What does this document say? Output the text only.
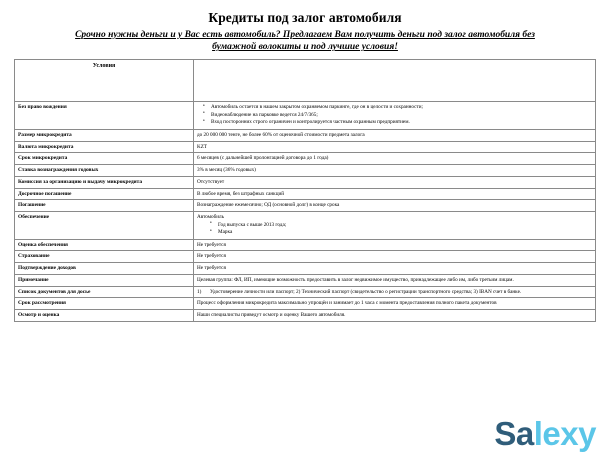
Кредиты под залог автомобиля
Срочно нужны деньги и у Вас есть автомобиль? Предлагаем Вам получить деньги под залог автомобиля без
бумажной волокиты и под лучшие условия!
Условия	
Без право вождения	
•Автомобиль остается в нашем закрытом охраняемом паркинге, где он в целости и сохранности;
• Видеонаблюдение на парковке ведется 24/7/365;
• Вход посторонних строго ограничен и контролируется частным охранным предприятием.

Размер микрокредита	до 20 000 000 тенге, не более 60% от оценочной стоимости предмета залога
Валюта микрокредита	KZT
Срок микрокредита	6 месяцев (с дальнейшей пролонгацией договора до 1 года)
Ставка вознаграждения годовых	3% в месяц (36% годовых)
Комиссия за организацию и выдачу микрокредита	Отсутствует
Досрочное погашение	В любое время, без штрафных санкций
Погашение	Вознаграждение ежемесячно; ОД (основной долг) в конце срока
Обеспечение	Автомобиль
• Год выпуска с выше 2013 года;
• Марка

Оценка обеспечения	Не требуется
Страхование	Не требуется
Подтверждение доходов	Не требуется
Примечание	Целевая группа: ФЛ, ИП, имеющие возможность предоставить в залог недвижимое имущество, принадлежащее либо им, либо третьим лицам.
Список документов для досье	1) Удостоверение личности или паспорт; 2) Технический паспорт (свидетельство о регистрации транспортного средства; 3) IBAN счет в банке.

Срок рассмотрения	Процесс оформления микрокредита максимально упрощён и занимает до 1 часа с момента предоставления полного пакета документов
Осмотр и оценка	Наши специалисты приведут осмотр и оценку Вашего автомобиля.
Salexy
